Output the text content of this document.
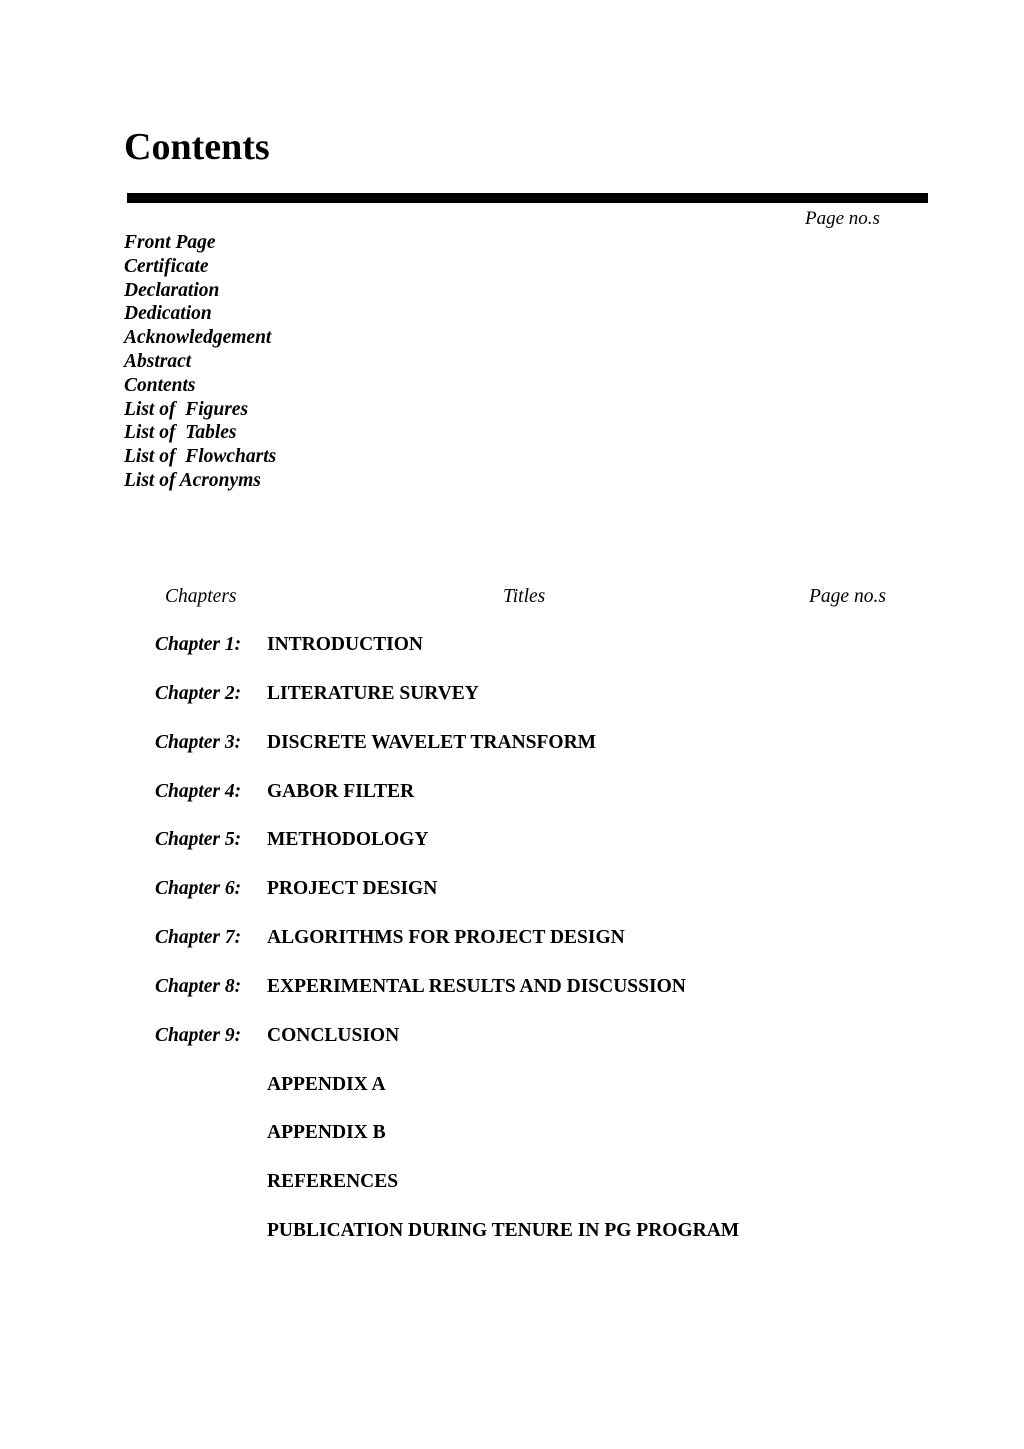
Contents
Page no.s
Front Page
Certificate
Declaration
Dedication
Acknowledgement
Abstract
Contents
List of  Figures
List of  Tables
List of  Flowcharts
List of Acronyms
Chapters	Titles	Page no.s
Chapter 1: INTRODUCTION
Chapter 2: LITERATURE SURVEY
Chapter 3: DISCRETE WAVELET TRANSFORM
Chapter 4: GABOR FILTER
Chapter 5: METHODOLOGY
Chapter 6: PROJECT DESIGN
Chapter 7: ALGORITHMS FOR PROJECT DESIGN
Chapter 8: EXPERIMENTAL RESULTS AND DISCUSSION
Chapter 9: CONCLUSION
APPENDIX A
APPENDIX B
REFERENCES
PUBLICATION DURING TENURE IN PG PROGRAM
